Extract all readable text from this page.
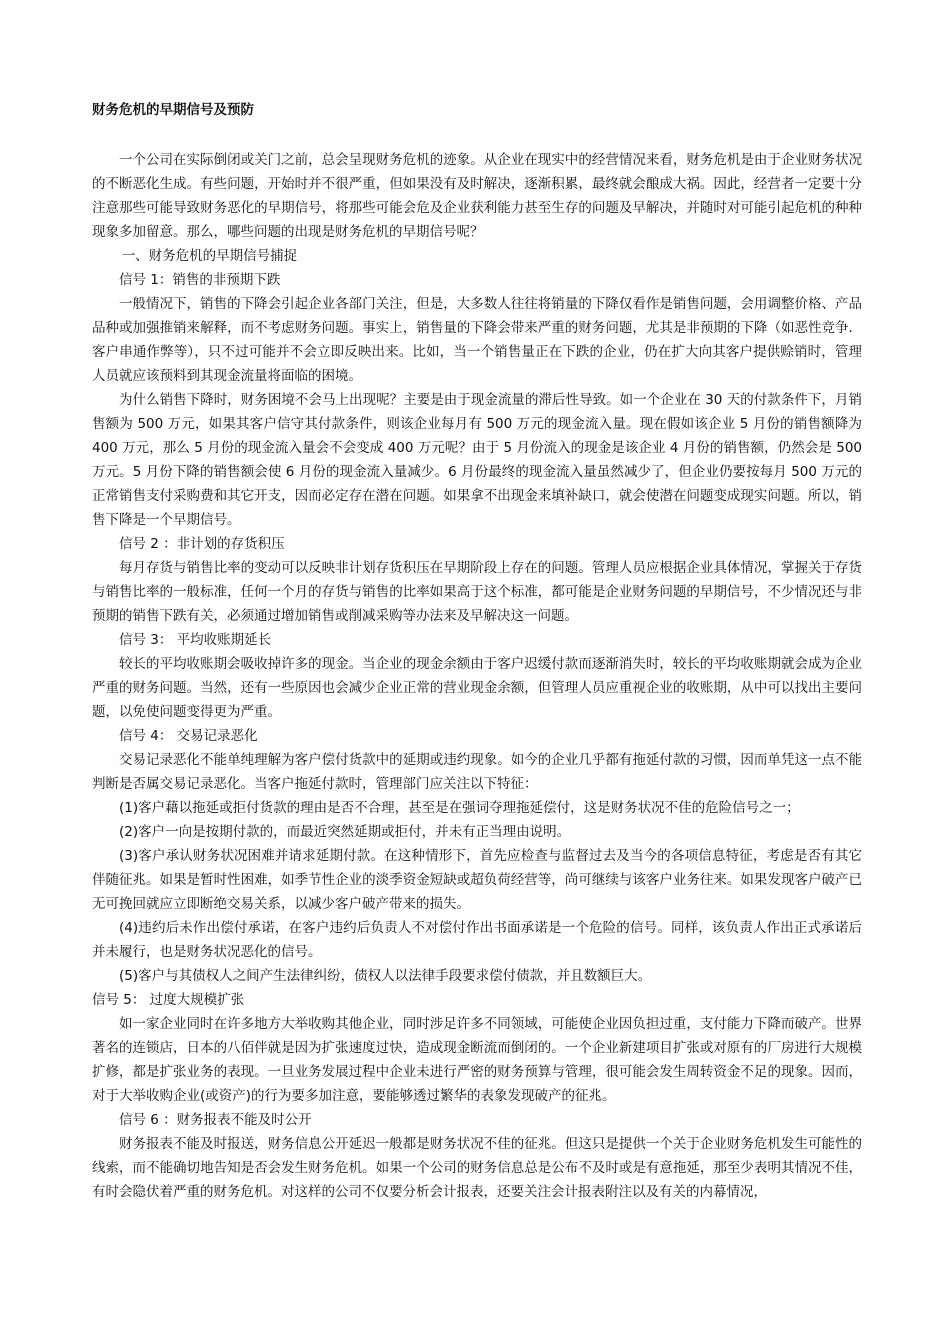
财务危机的早期信号及预防

一个公司在实际倒闭或关门之前，总会呈现财务危机的迹象。从企业在现实中的经营情况来看，财务危机是由于企业财务状况的不断恶化生成。有些问题，开始时并不很严重，但如果没有及时解决，逐渐积累，最终就会酿成大祸。因此，经营者一定要十分注意那些可能导致财务恶化的早期信号，将那些可能会危及企业获利能力甚至生存的问题及早解决，并随时对可能引起危机的种种现象多加留意。那么，哪些问题的出现是财务危机的早期信号呢？

一、财务危机的早期信号捕捉

信号 1：销售的非预期下跌

一般情况下，销售的下降会引起企业各部门关注，但是，大多数人往往将销量的下降仅看作是销售问题，会用调整价格、产品品种或加强推销来解释，而不考虑财务问题。事实上，销售量的下降会带来严重的财务问题，尤其是非预期的下降（如恶性竞争．客户串通作弊等），只不过可能并不会立即反映出来。比如，当一个销售量正在下跌的企业，仍在扩大向其客户提供赊销时，管理人员就应该预料到其现金流量将面临的困境。

为什么销售下降时，财务困境不会马上出现呢？主要是由于现金流量的滞后性导致。如一个企业在 30 天的付款条件下，月销售额为 500 万元，如果其客户信守其付款条件，则该企业每月有 500 万元的现金流入量。现在假如该企业 5 月份的销售额降为 400 万元，那么 5 月份的现金流入量会不会变成 400 万元呢？由于 5 月份流入的现金是该企业 4 月份的销售额，仍然会是 500 万元。5 月份下降的销售额会使 6 月份的现金流入量减少。6 月份最终的现金流入量虽然减少了，但企业仍要按每月 500 万元的正常销售支付采购费和其它开支，因而必定存在潜在问题。如果拿不出现金来填补缺口，就会使潜在问题变成现实问题。所以，销售下降是一个早期信号。

信号 2 ：非计划的存货积压

每月存货与销售比率的变动可以反映非计划存货积压在早期阶段上存在的问题。管理人员应根据企业具体情况，掌握关于存货与销售比率的一般标准，任何一个月的存货与销售的比率如果高于这个标准，都可能是企业财务问题的早期信号，不少情况还与非预期的销售下跌有关，必须通过增加销售或削减采购等办法来及早解决这一问题。

信号 3： 平均收账期延长

较长的平均收账期会吸收掉许多的现金。当企业的现金余额由于客户迟缓付款而逐渐消失时，较长的平均收账期就会成为企业严重的财务问题。当然，还有一些原因也会减少企业正常的营业现金余额，但管理人员应重视企业的收账期，从中可以找出主要问题，以免使问题变得更为严重。

信号 4： 交易记录恶化

交易记录恶化不能单纯理解为客户偿付货款中的延期或违约现象。如今的企业几乎都有拖延付款的习惯，因而单凭这一点不能判断是否属交易记录恶化。当客户拖延付款时，管理部门应关注以下特征：

(1)客户藉以拖延或拒付货款的理由是否不合理，甚至是在强词夺理拖延偿付，这是财务状况不佳的危险信号之一；

(2)客户一向是按期付款的，而最近突然延期或拒付，并未有正当理由说明。

(3)客户承认财务状况困难并请求延期付款。在这种情形下，首先应检查与监督过去及当今的各项信息特征，考虑是否有其它伴随征兆。如果是暂时性困难，如季节性企业的淡季资金短缺或超负荷经营等，尚可继续与该客户业务往来。如果发现客户破产已无可挽回就应立即断绝交易关系，以减少客户破产带来的损失。

(4)违约后未作出偿付承诺，在客户违约后负责人不对偿付作出书面承诺是一个危险的信号。同样，该负责人作出正式承诺后并未履行，也是财务状况恶化的信号。

(5)客户与其债权人之间产生法律纠纷，债权人以法律手段要求偿付债款，并且数额巨大。

信号 5： 过度大规模扩张

如一家企业同时在许多地方大举收购其他企业，同时涉足许多不同领域，可能使企业因负担过重，支付能力下降而破产。世界著名的连锁店，日本的八佰伴就是因为扩张速度过快，造成现金断流而倒闭的。一个企业新建项目扩张或对原有的厂房进行大规模扩修，都是扩张业务的表现。一旦业务发展过程中企业未进行严密的财务预算与管理，很可能会发生周转资金不足的现象。因而，对于大举收购企业(或资产)的行为要多加注意，要能够透过繁华的表象发现破产的征兆。

信号 6 ：财务报表不能及时公开

财务报表不能及时报送，财务信息公开延迟一般都是财务状况不佳的征兆。但这只是提供一个关于企业财务危机发生可能性的线索，而不能确切地告知是否会发生财务危机。如果一个公司的财务信息总是公布不及时或是有意拖延，那至少表明其情况不佳，有时会隐伏着严重的财务危机。对这样的公司不仅要分析会计报表，还要关注会计报表附注以及有关的内幕情况，
